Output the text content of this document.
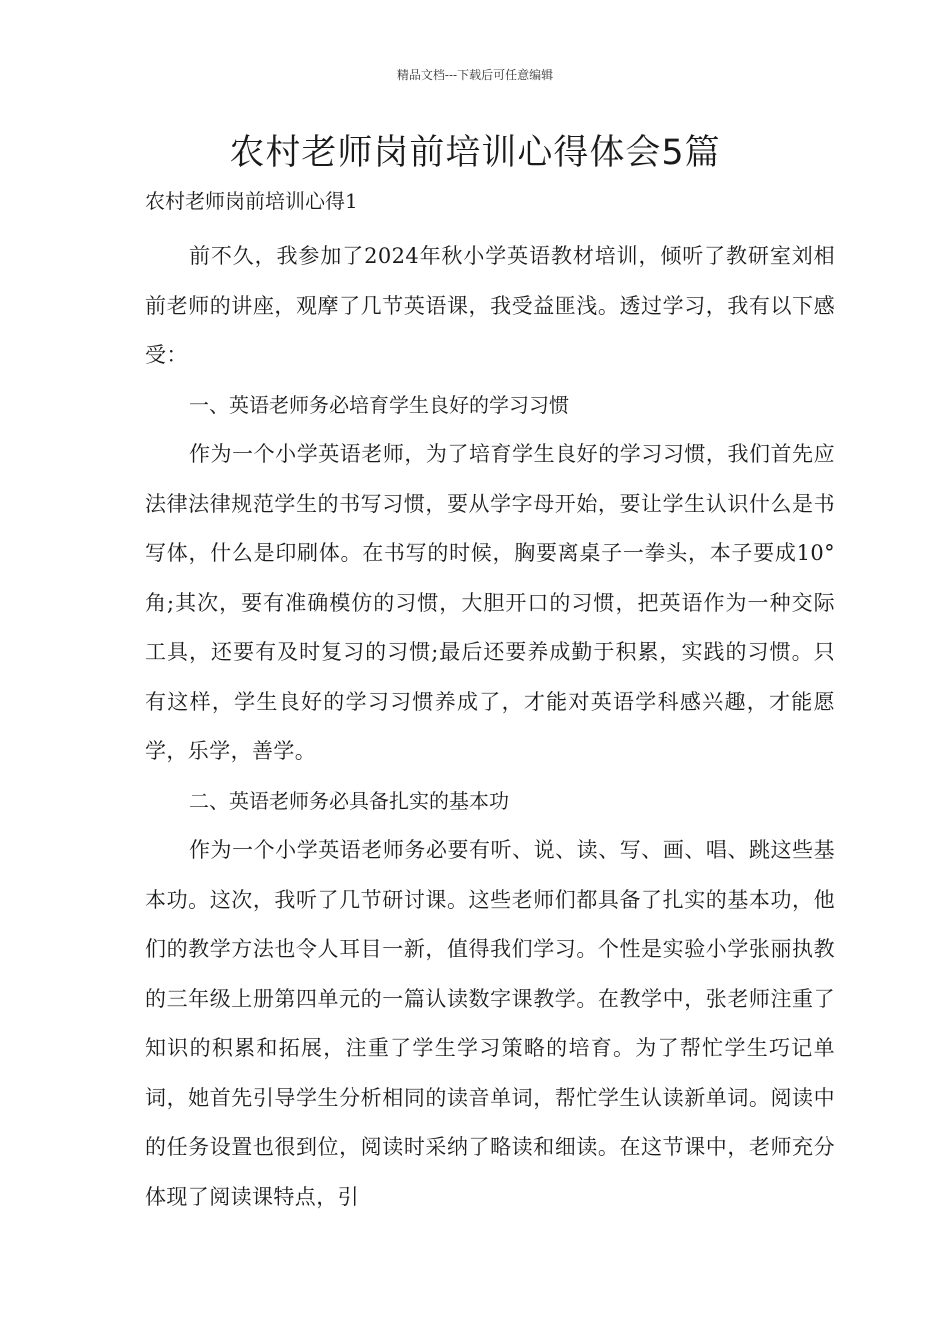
精品文档---下载后可任意编辑
农村老师岗前培训心得体会5篇
农村老师岗前培训心得1

前不久，我参加了2024年秋小学英语教材培训，倾听了教研室刘相前老师的讲座，观摩了几节英语课，我受益匪浅。透过学习，我有以下感受：

一、英语老师务必培育学生良好的学习习惯

作为一个小学英语老师，为了培育学生良好的学习习惯，我们首先应法律法律规范学生的书写习惯，要从学字母开始，要让学生认识什么是书写体，什么是印刷体。在书写的时候，胸要离桌子一拳头，本子要成10° 角;其次，要有准确模仿的习惯，大胆开口的习惯，把英语作为一种交际工具，还要有及时复习的习惯;最后还要养成勤于积累，实践的习惯。只有这样，学生良好的学习习惯养成了，才能对英语学科感兴趣，才能愿学，乐学，善学。

二、英语老师务必具备扎实的基本功

作为一个小学英语老师务必要有听、说、读、写、画、唱、跳这些基本功。这次，我听了几节研讨课。这些老师们都具备了扎实的基本功，他们的教学方法也令人耳目一新，值得我们学习。个性是实验小学张丽执教的三年级上册第四单元的一篇认读数字课教学。在教学中，张老师注重了知识的积累和拓展，注重了学生学习策略的培育。为了帮忙学生巧记单词，她首先引导学生分析相同的读音单词，帮忙学生认读新单词。阅读中的任务设置也很到位，阅读时采纳了略读和细读。在这节课中，老师充分体现了阅读课特点，引
